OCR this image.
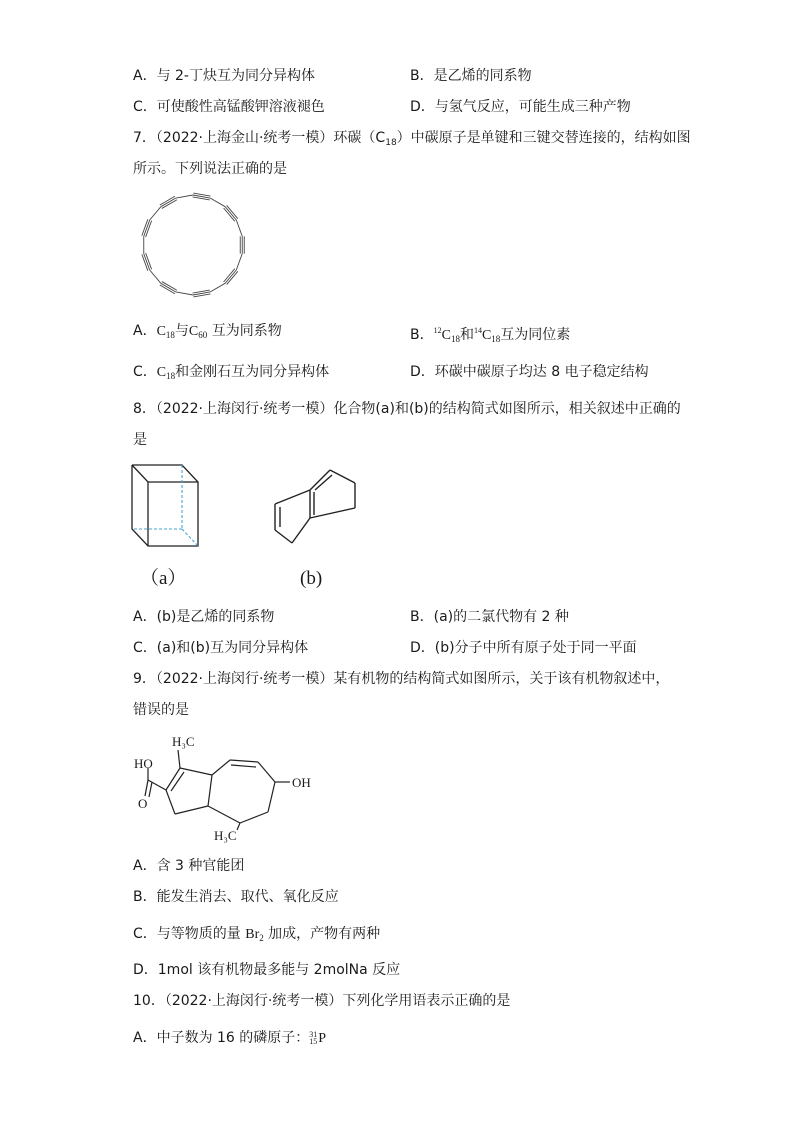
A．与 2-丁炔互为同分异构体	B．是乙烯的同系物
C．可使酸性高锰酸钾溶液褪色	D．与氢气反应，可能生成三种产物
7．（2022·上海金山·统考一模）环碳$(C_{18})$中碳原子是单键和三键交替连接的，结构如图
所示。下列说法正确的是
A．$C_{18}$与$C_{60}$ 互为同系物	B．$^{12}C_{18}$和$^{14}C_{18}$互为同位素
C．$C_{18}$和金刚石互为同分异构体	D．环碳中碳原子均达 8 电子稳定结构
8．（2022·上海闵行·统考一模）化合物(a)和(b)的结构简式如图所示，相关叙述中正确的
是
（a）	(b)
A．(b)是乙烯的同系物	B．(a)的二氯代物有 2 种
C．(a)和(b)互为同分异构体	D．(b)分子中所有原子处于同一平面
9．（2022·上海闵行·统考一模）某有机物的结构简式如图所示，关于该有机物叙述中，
错误的是
H₃C
HO
O
OH
H₃C
A．含 3 种官能团
B．能发生消去、取代、氧化反应
C．与等物质的量 $Br_2$ 加成，产物有两种
D．1mol 该有机物最多能与 2molNa 反应
10．（2022·上海闵行·统考一模）下列化学用语表示正确的是
A．中子数为 16 的磷原子：31
15P
